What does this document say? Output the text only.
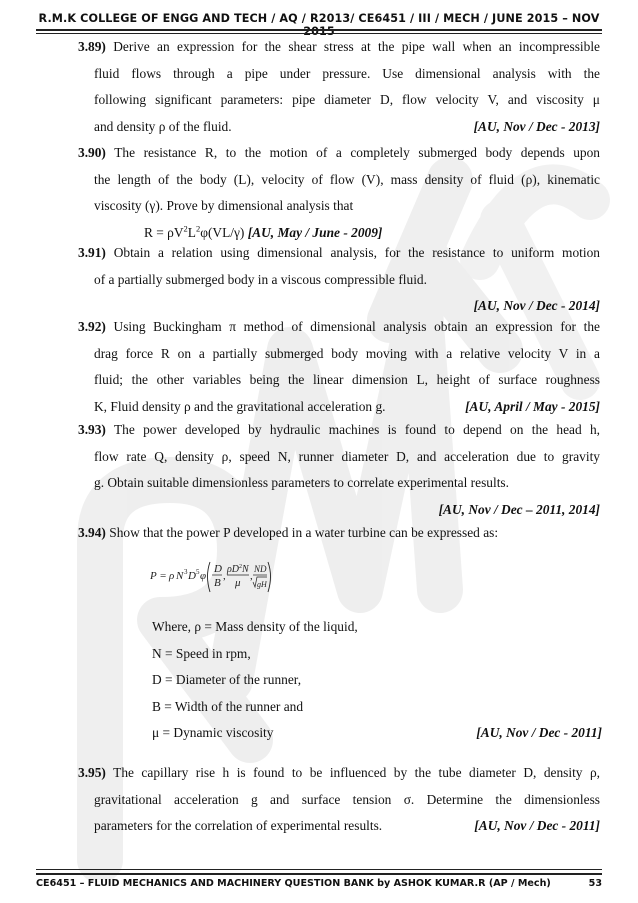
R.M.K COLLEGE OF ENGG AND TECH / AQ / R2013/ CE6451 / III / MECH / JUNE 2015 – NOV 2015
3.89) Derive an expression for the shear stress at the pipe wall when an incompressible
fluid flows through a pipe under pressure. Use dimensional analysis with the
following significant parameters: pipe diameter D, flow velocity V, and viscosity μ
and density ρ of the fluid.	[AU, Nov / Dec - 2013]
3.90) The resistance R, to the motion of a completely submerged body depends upon
the length of the body (L), velocity of flow (V), mass density of fluid (ρ), kinematic
viscosity (γ). Prove by dimensional analysis that
$R = \rho V^2L^2\varphi(VL/\gamma)$ [AU, May / June - 2009]
3.91) Obtain a relation using dimensional analysis, for the resistance to uniform motion
of a partially submerged body in a viscous compressible fluid.
[AU, Nov / Dec - 2014]
3.92) Using Buckingham π method of dimensional analysis obtain an expression for the
drag force R on a partially submerged body moving with a relative velocity V in a
fluid; the other variables being the linear dimension L, height of surface roughness
K, Fluid density ρ and the gravitational acceleration g.	[AU, April / May - 2015]
3.93) The power developed by hydraulic machines is found to depend on the head h,
flow rate Q, density ρ, speed N, runner diameter D, and acceleration due to gravity
g. Obtain suitable dimensionless parameters to correlate experimental results.
[AU, Nov / Dec – 2011, 2014]
3.94) Show that the power P developed in a water turbine can be expressed as:
P = ρ N 3 D 5 φ
D
B
,
ρD 2 N
μ
,
ND
gH
Where, ρ = Mass density of the liquid,
N = Speed in rpm,
D = Diameter of the runner,
B = Width of the runner and
μ = Dynamic viscosity	[AU, Nov / Dec - 2011]
3.95) The capillary rise h is found to be influenced by the tube diameter D, density ρ,
gravitational acceleration g and surface tension σ. Determine the dimensionless
parameters for the correlation of experimental results.	[AU, Nov / Dec - 2011]
CE6451 – FLUID MECHANICS AND MACHINERY QUESTION BANK by ASHOK KUMAR.R (AP / Mech)	53
